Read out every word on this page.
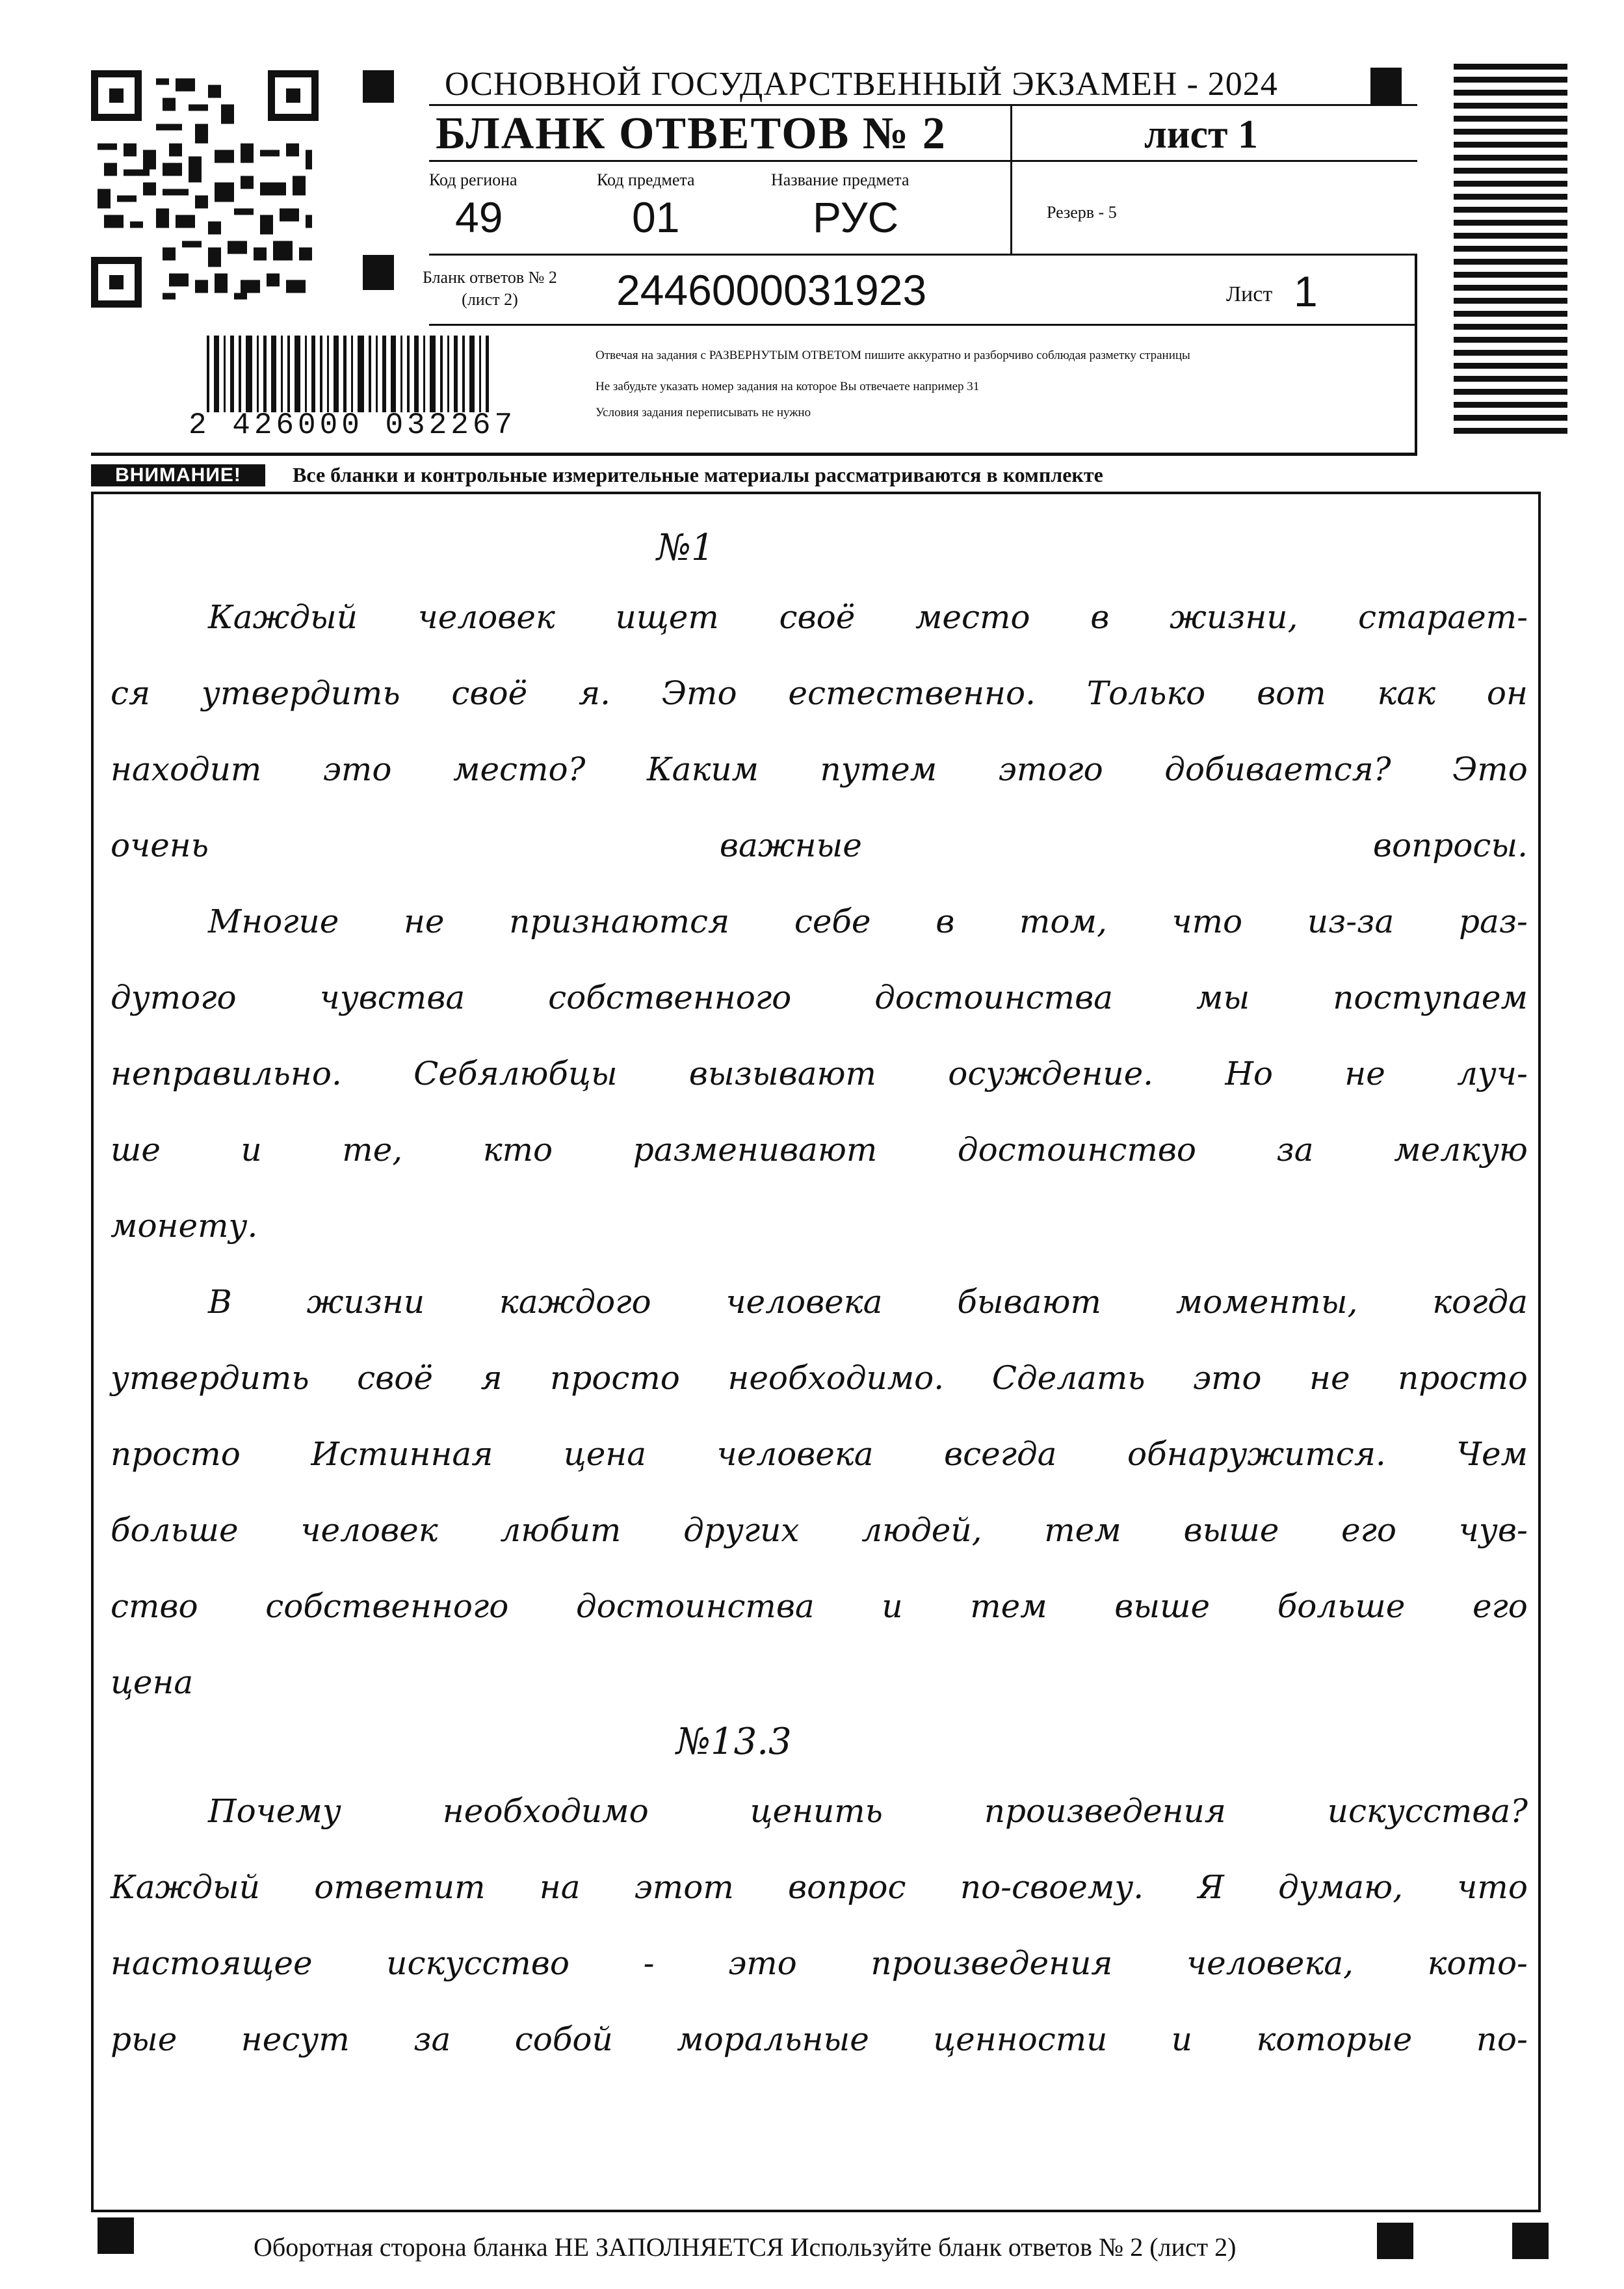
ОСНОВНОЙ ГОСУДАРСТВЕННЫЙ ЭКЗАМЕН - 2024
БЛАНК ОТВЕТОВ № 2	лист 1
Код региона
49
Код предмета
01
Название предмета
РУС	Резерв - 5
Бланк ответов № 2
(лист 2)	2446000031923	Лист 1
Отвечая на задания с РАЗВЕРНУТЫМ ОТВЕТОМ пишите аккуратно и разборчиво соблюдая разметку страницы
Не забудьте указать номер задания на которое Вы отвечаете например 31
Условия задания переписывать не нужно
2 426000 032267
ВНИМАНИЕ!	Все бланки и контрольные измерительные материалы рассматриваются в комплекте
№1
№13.3
Оборотная сторона бланка НЕ ЗАПОЛНЯЕТСЯ Используйте бланк ответов № 2 (лист 2)
Каждый человек ищет своё место в жизни, старает-
ся утвердить своё я. Это естественно. Только вот как он
находит это место? Каким путем этого добивается? Это
очень	важные	вопросы.
Многие не признаются себе в том, что из-за раз-
дутого	чувства	собственного	достоинства	мы	поступаем
неправильно. Себялюбцы вызывают осуждение. Но не луч-
ше и те, кто разменивают достоинство за мелкую
монету.
В жизни каждого человека бывают моменты, когда
утвердить своё я просто необходимо. Сделать это не просто
просто Истинная цена человека всегда обнаружится. Чем
больше человек любит других людей, тем выше его чув-
ство собственного достоинства и тем выше больше его
цена
Почему	необходимо	ценить	произведения	искусства?
Каждый ответит на этот вопрос по-своему. Я думаю, что
настоящее искусство - это произведения человека, кото-
рые несут за собой моральные ценности и которые по-
